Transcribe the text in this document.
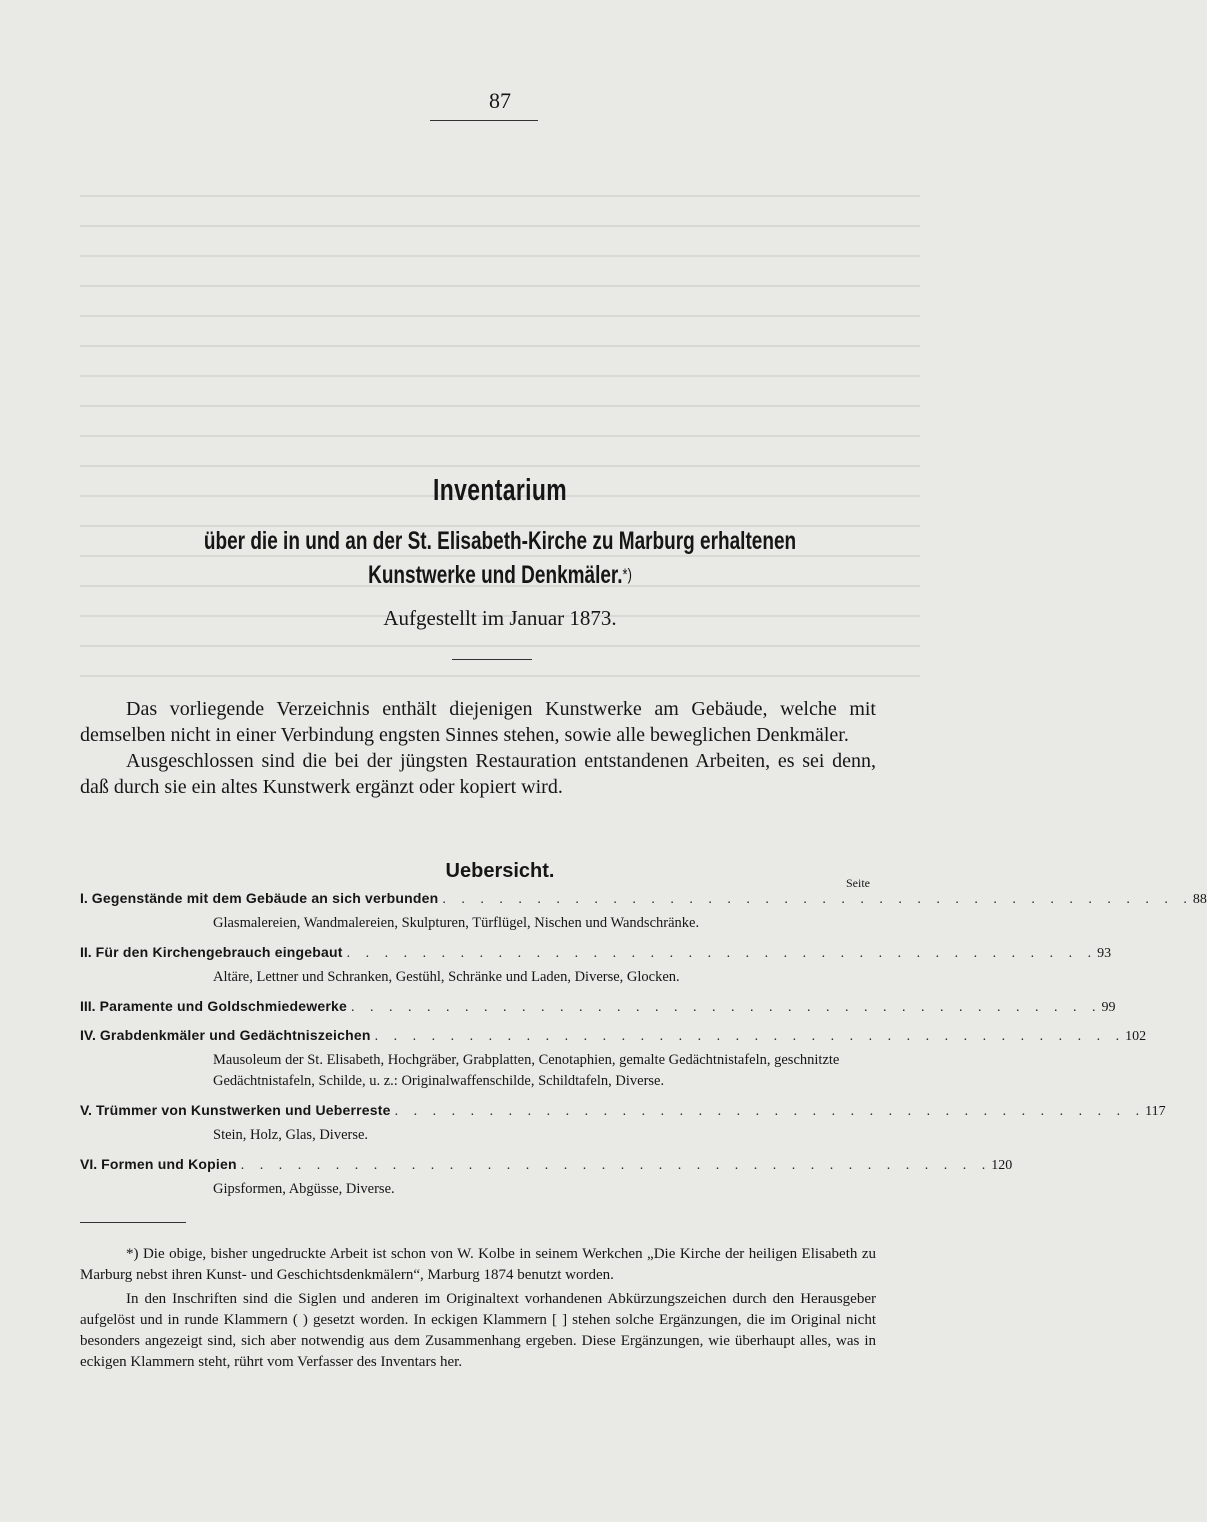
87
Inventarium
über die in und an der St. Elisabeth-Kirche zu Marburg erhaltenen
Kunstwerke und Denkmäler.*)
Aufgestellt im Januar 1873.

Das vorliegende Verzeichnis enthält diejenigen Kunstwerke am Gebäude, welche mit demselben nicht in einer Verbindung engsten Sinnes stehen, sowie alle beweglichen Denkmäler.

Ausgeschlossen sind die bei der jüngsten Restauration entstandenen Arbeiten, es sei denn, daß durch sie ein altes Kunstwerk ergänzt oder kopiert wird.

Uebersicht.
Seite
I. Gegenstände mit dem Gebäude an sich verbunden . . . . . . . . . . . . . . . . . . . . . . . . . . . . . . . . . . . . . . . . 88
Glasmalereien, Wandmalereien, Skulpturen, Türflügel, Nischen und Wandschränke.
II. Für den Kirchengebrauch eingebaut . . . . . . . . . . . . . . . . . . . . . . . . . . . . . . . . . . . . . . . . 93
Altäre, Lettner und Schranken, Gestühl, Schränke und Laden, Diverse, Glocken.
III. Paramente und Goldschmiedewerke . . . . . . . . . . . . . . . . . . . . . . . . . . . . . . . . . . . . . . . . 99
IV. Grabdenkmäler und Gedächtniszeichen . . . . . . . . . . . . . . . . . . . . . . . . . . . . . . . . . . . . . . . . 102
Mausoleum der St. Elisabeth, Hochgräber, Grabplatten, Cenotaphien, gemalte Gedächtnistafeln, geschnitzte Gedächtnistafeln, Schilde, u. z.: Originalwaffenschilde, Schildtafeln, Diverse.
V. Trümmer von Kunstwerken und Ueberreste . . . . . . . . . . . . . . . . . . . . . . . . . . . . . . . . . . . . . . . . 117
Stein, Holz, Glas, Diverse.
VI. Formen und Kopien . . . . . . . . . . . . . . . . . . . . . . . . . . . . . . . . . . . . . . . . 120
Gipsformen, Abgüsse, Diverse.

*) Die obige, bisher ungedruckte Arbeit ist schon von W. Kolbe in seinem Werkchen „Die Kirche der heiligen Elisabeth zu Marburg nebst ihren Kunst- und Geschichtsdenkmälern“, Marburg 1874 benutzt worden.

In den Inschriften sind die Siglen und anderen im Originaltext vorhandenen Abkürzungszeichen durch den Herausgeber aufgelöst und in runde Klammern ( ) gesetzt worden. In eckigen Klammern [ ] stehen solche Ergänzungen, die im Original nicht besonders angezeigt sind, sich aber notwendig aus dem Zusammenhang ergeben. Diese Ergänzungen, wie überhaupt alles, was in eckigen Klammern steht, rührt vom Verfasser des Inventars her.
